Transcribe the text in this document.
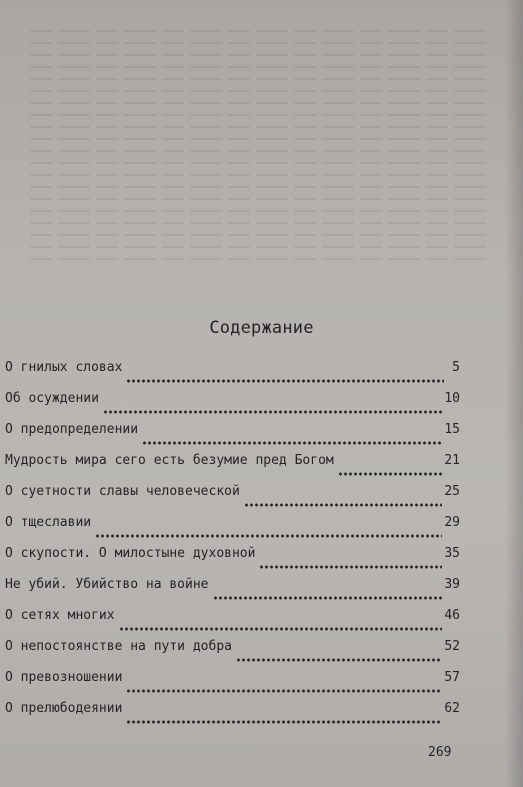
Содержание
О гнилых словах	5
Об осуждении	10
О предопределении	15
Мудрость мира сего есть безумие пред Богом	21
О суетности славы человеческой	25
О тщеславии	29
О скупости. О милостыне духовной	35
Не убий. Убийство на войне	39
О сетях многих	46
О непостоянстве на пути добра	52
О превозношении	57
О прелюбодеянии	62
269
